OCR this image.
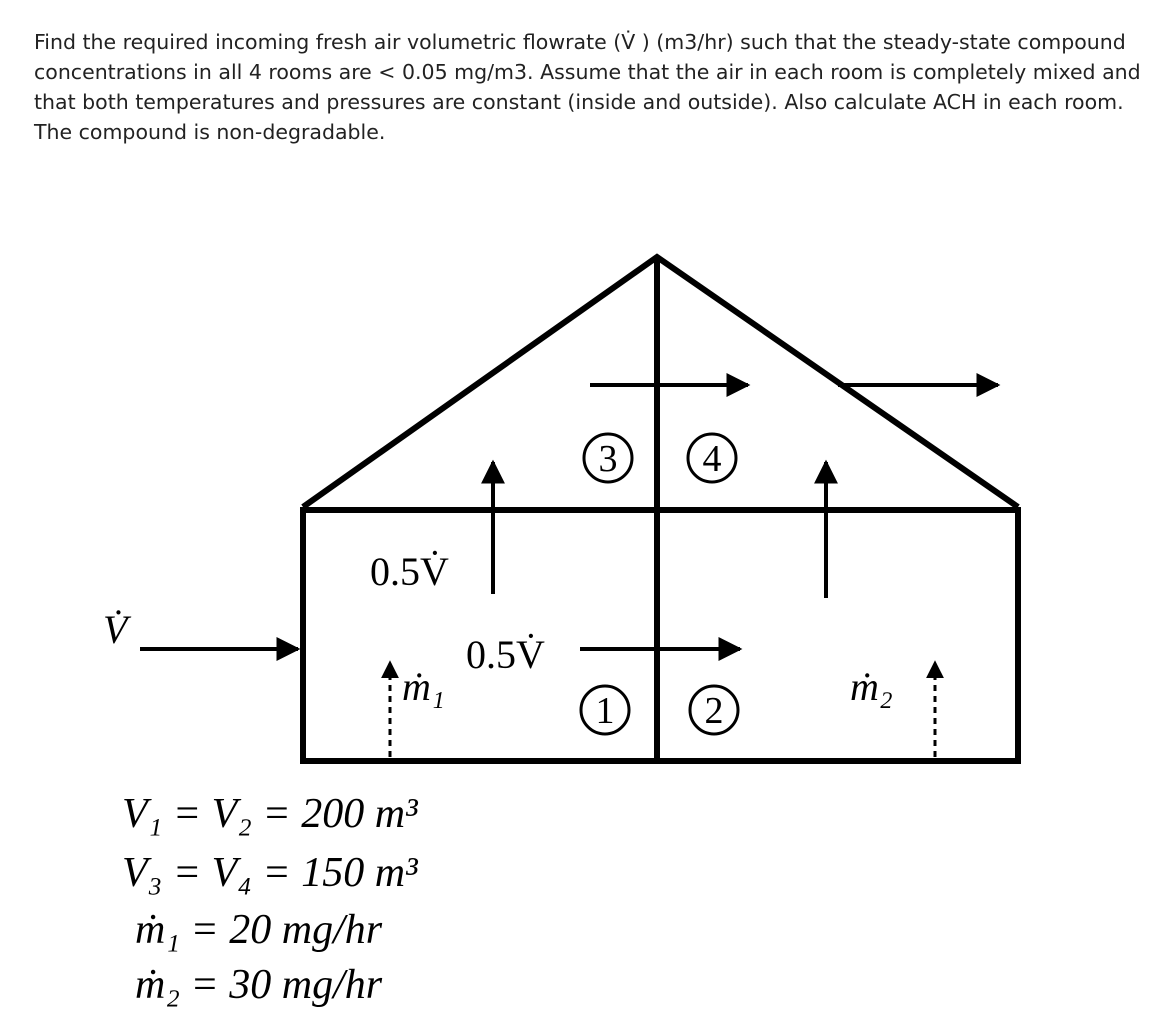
Find the required incoming fresh air volumetric flowrate (V̇ ) (m3/hr) such that the steady-state compound concentrations in all 4 rooms are < 0.05 mg/m3. Assume that the air in each room is completely mixed and that both temperatures and pressures are constant (inside and outside). Also calculate ACH in each room. The compound is non-degradable.

V̇
0.5V̇
0.5V̇
ṁ₁	ṁ₂
1 2
3 4
V₁ = V₂ = 200 m³
V₃ = V₄ = 150 m³
ṁ₁ = 20 mg/hr
ṁ₂ = 30 mg/hr
